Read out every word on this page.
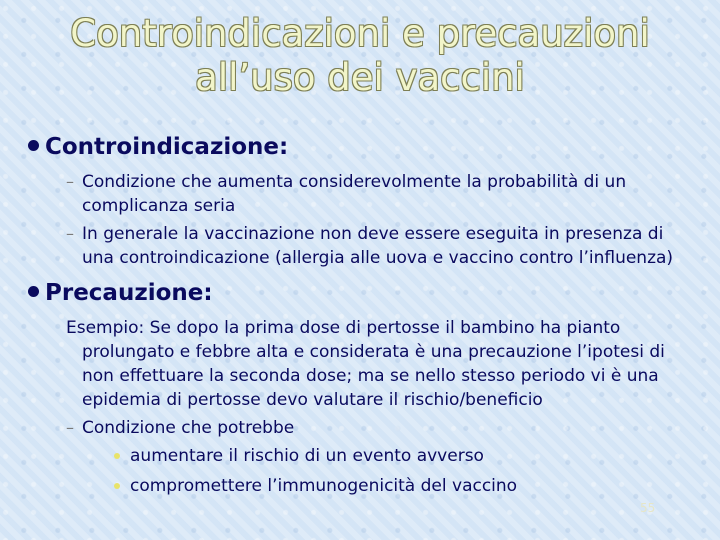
Controindicazioni e precauzioni
all’uso dei vaccini
Controindicazione:
– Condizione che aumenta considerevolmente la probabilità di un
complicanza seria
– In generale la vaccinazione non deve essere eseguita in presenza di
una controindicazione (allergia alle uova e vaccino contro l’influenza)
Precauzione:
Esempio: Se dopo la prima dose di pertosse il bambino ha pianto
prolungato e febbre alta e considerata è una precauzione l’ipotesi di
non effettuare la seconda dose; ma se nello stesso periodo vi è una
epidemia di pertosse devo valutare il rischio/beneficio
– Condizione che potrebbe
aumentare il rischio di un evento avverso
compromettere l’immunogenicità del vaccino
55
